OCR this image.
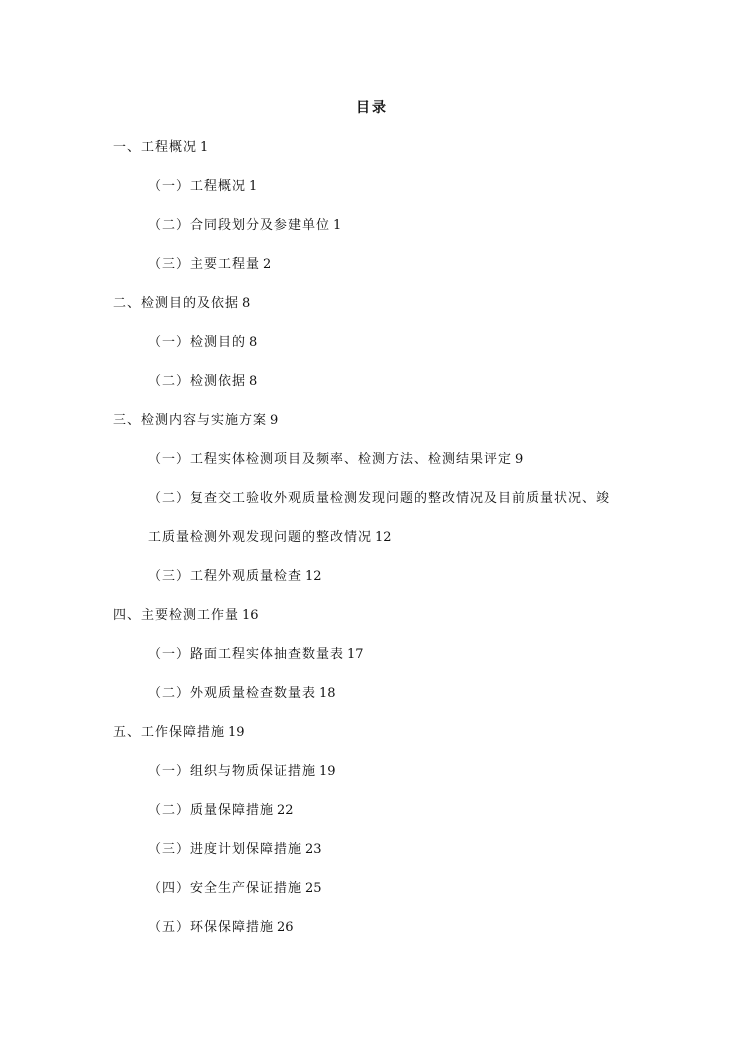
目录
一、工程概况 1
（一）工程概况 1
（二）合同段划分及参建单位 1
（三）主要工程量 2
二、检测目的及依据 8
（一）检测目的 8
（二）检测依据 8
三、检测内容与实施方案 9
（一）工程实体检测项目及频率、检测方法、检测结果评定 9
（二）复查交工验收外观质量检测发现问题的整改情况及目前质量状况、竣
工质量检测外观发现问题的整改情况 12
（三）工程外观质量检查 12
四、主要检测工作量 16
（一）路面工程实体抽查数量表 17
（二）外观质量检查数量表 18
五、工作保障措施 19
（一）组织与物质保证措施 19
（二）质量保障措施 22
（三）进度计划保障措施 23
（四）安全生产保证措施 25
（五）环保保障措施 26
